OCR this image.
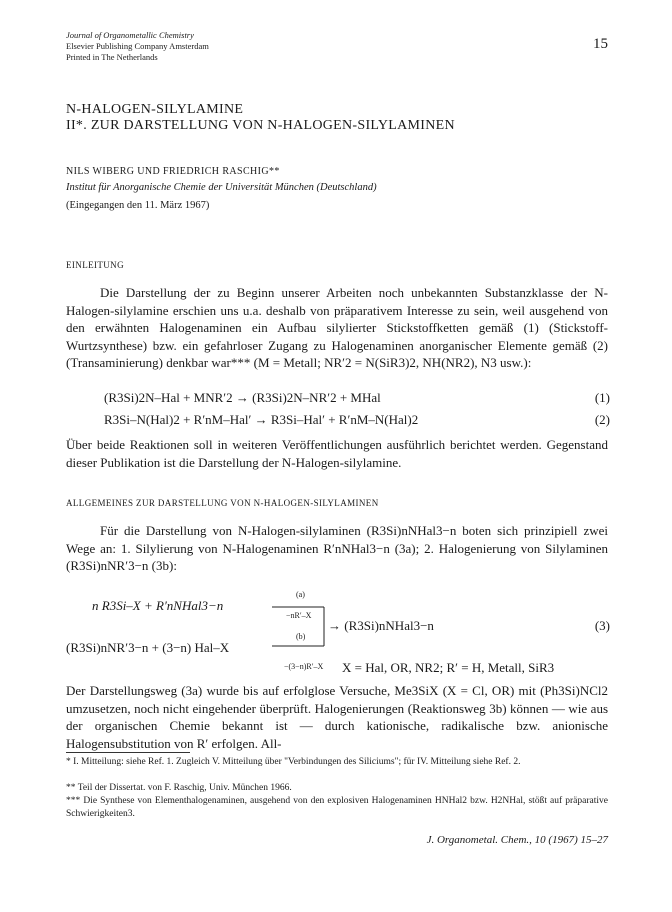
Journal of Organometallic Chemistry
Elsevier Publishing Company Amsterdam
Printed in The Netherlands
15
N-HALOGEN-SILYLAMINE
II*. ZUR DARSTELLUNG VON N-HALOGEN-SILYLAMINEN
NILS WIBERG UND FRIEDRICH RASCHIG**
Institut für Anorganische Chemie der Universität München (Deutschland)
(Eingegangen den 11. März 1967)
EINLEITUNG
Die Darstellung der zu Beginn unserer Arbeiten noch unbekannten Substanzklasse der N-Halogen-silylamine erschien uns u.a. deshalb von präparativem Interesse zu sein, weil ausgehend von den erwähnten Halogenaminen ein Aufbau silylierter Stickstoffketten gemäß (1) (Stickstoff-Wurtzsynthese) bzw. ein gefahrloser Zugang zu Halogenaminen anorganischer Elemente gemäß (2) (Transaminierung) denkbar war*** (M = Metall; NR′2 = N(SiR3)2, NH(NR2), N3 usw.):
(R3Si)2N–Hal + MNR′2 → (R3Si)2N–NR′2 + MHal	(1)
R3Si–N(Hal)2 + R′nM–Hal′ → R3Si–Hal′ + R′nM–N(Hal)2	(2)
Über beide Reaktionen soll in weiteren Veröffentlichungen ausführlich berichtet werden. Gegenstand dieser Publikation ist die Darstellung der N-Halogen-silylamine.
ALLGEMEINES ZUR DARSTELLUNG VON N-HALOGEN-SILYLAMINEN
Für die Darstellung von N-Halogen-silylaminen (R3Si)nNHal3−n boten sich prinzipiell zwei Wege an: 1. Silylierung von N-Halogenaminen R′nNHal3−n (3a); 2. Halogenierung von Silylaminen (R3Si)nNR′3−n (3b):
n R3Si–X + R′nNHal3−n
(a)
−nR′–X
(b)
(R3Si)nNR′3−n + (3−n) Hal–X
−(3−n)R′–X
→ (R3Si)nNHal3−n	(3)
X = Hal, OR, NR2; R′ = H, Metall, SiR3
Der Darstellungsweg (3a) wurde bis auf erfolglose Versuche, Me3SiX (X = Cl, OR) mit (Ph3Si)NCl2 umzusetzen, noch nicht eingehender überprüft. Halogenierungen (Reaktionsweg 3b) können — wie aus der organischen Chemie bekannt ist — durch kationische, radikalische bzw. anionische Halogensubstitution von R′ erfolgen. All-
* I. Mitteilung: siehe Ref. 1. Zugleich V. Mitteilung über "Verbindungen des Siliciums"; für IV. Mitteilung siehe Ref. 2.
** Teil der Dissertat. von F. Raschig, Univ. München 1966.
*** Die Synthese von Elementhalogenaminen, ausgehend von den explosiven Halogenaminen HNHal2 bzw. H2NHal, stößt auf präparative Schwierigkeiten3.
J. Organometal. Chem., 10 (1967) 15–27
